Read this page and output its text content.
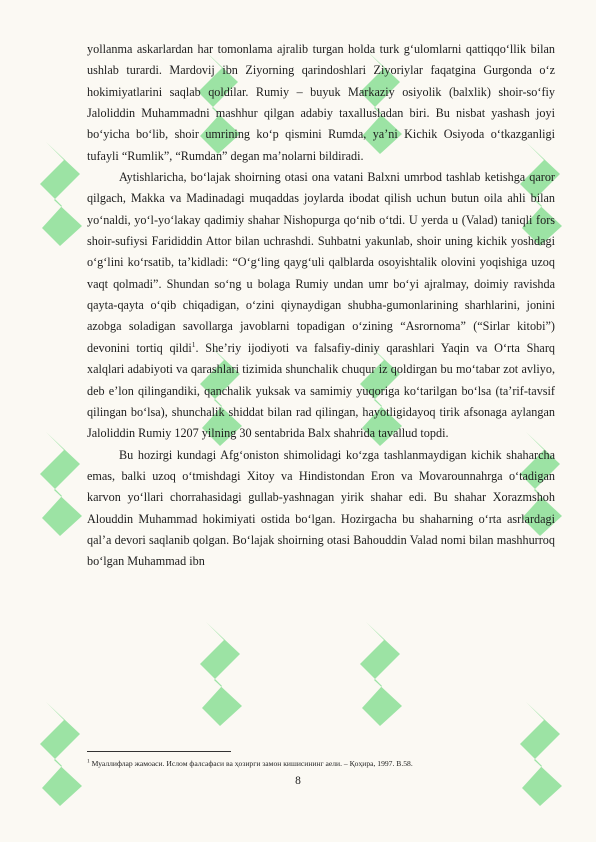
yollanma askarlardan har tomonlama ajralib turgan holda turk g‘ulomlarni qattiqqo‘llik bilan ushlab turardi. Mardovij ibn Ziyorning qarindoshlari Ziyoriylar faqatgina Gurgonda o‘z hokimiyatlarini saqlab qoldilar. Rumiy – buyuk Markaziy osiyolik (balxlik) shoir-so‘fiy Jaloliddin Muhammadni mashhur qilgan adabiy taxallusladan biri. Bu nisbat yashash joyi bo‘yicha bo‘lib, shoir umrining ko‘p qismini Rumda, ya’ni Kichik Osiyoda o‘tkazganligi tufayli “Rumlik”, “Rumdan” degan ma’nolarni bildiradi.

Aytishlaricha, bo‘lajak shoirning otasi ona vatani Balxni umrbod tashlab ketishga qaror qilgach, Makka va Madinadagi muqaddas joylarda ibodat qilish uchun butun oila ahli bilan yo‘naldi, yo‘l-yo‘lakay qadimiy shahar Nishopurga qo‘nib o‘tdi. U yerda u (Valad) taniqli fors shoir-sufiysi Farididdin Attor bilan uchrashdi. Suhbatni yakunlab, shoir uning kichik yoshdagi o‘g‘lini ko‘rsatib, ta’kidladi: “O‘g‘ling qayg‘uli qalblarda osoyishtalik olovini yoqishiga uzoq vaqt qolmadi”. Shundan so‘ng u bolaga Rumiy undan umr bo‘yi ajralmay, doimiy ravishda qayta-qayta o‘qib chiqadigan, o‘zini qiynaydigan shubha-gumonlarining sharhlarini, jonini azobga soladigan savollarga javoblarni topadigan o‘zining “Asrornoma” (“Sirlar kitobi”) devonini tortiq qildi$^1$. She’riy ijodiyoti va falsafiy-diniy qarashlari Yaqin va O‘rta Sharq xalqlari adabiyoti va qarashlari tizimida shunchalik chuqur iz qoldirgan bu mo‘tabar zot avliyo, deb e’lon qilingandiki, qanchalik yuksak va samimiy yuqoriga ko‘tarilgan bo‘lsa (ta’rif-tavsif qilingan bo‘lsa), shunchalik shiddat bilan rad qilingan, hayotligidayoq tirik afsonaga aylangan Jaloliddin Rumiy 1207 yilning 30 sentabrida Balx shahrida tavallud topdi.

Bu hozirgi kundagi Afg‘oniston shimolidagi ko‘zga tashlanmaydigan kichik shaharcha emas, balki uzoq o‘tmishdagi Xitoy va Hindistondan Eron va Movarounnahrga o‘tadigan karvon yo‘llari chorrahasidagi gullab-yashnagan yirik shahar edi. Bu shahar Xorazmshoh Alouddin Muhammad hokimiyati ostida bo‘lgan. Hozirgacha bu shaharning o‘rta asrlardagi qal’a devori saqlanib qolgan. Bo‘lajak shoirning otasi Bahouddin Valad nomi bilan mashhurroq bo‘lgan Muhammad ibn

$^1$ Муаллифлар жамоаси. Ислом фалсафаси ва ҳозирги замон кишисининг аели. – Қоҳира, 1997. B.58.
8
